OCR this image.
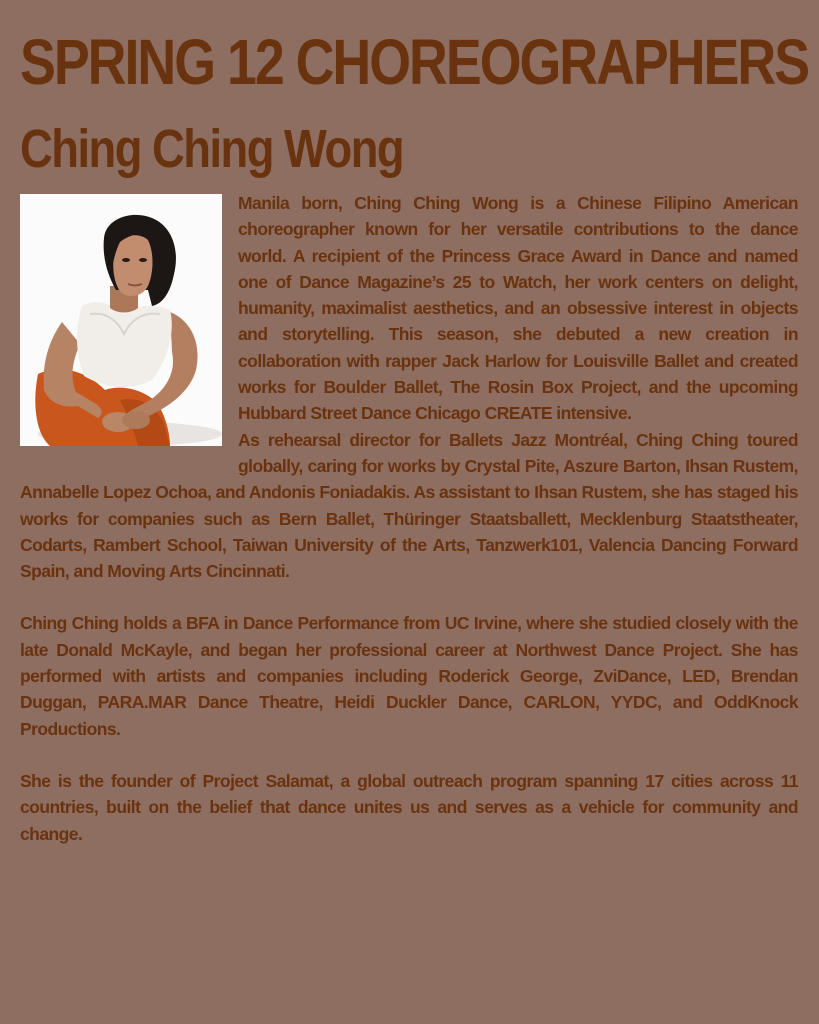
SPRING 12 CHOREOGRAPHERS
Ching Ching Wong

Manila born, Ching Ching Wong is a Chinese Filipino American choreographer known for her versatile contributions to the dance world. A recipient of the Princess Grace Award in Dance and named one of Dance Magazine’s 25 to Watch, her work centers on delight, humanity, maximalist aesthetics, and an obsessive interest in objects and storytelling. This season, she debuted a new creation in collaboration with rapper Jack Harlow for Louisville Ballet and created works for Boulder Ballet, The Rosin Box Project, and the upcoming Hubbard Street Dance Chicago CREATE intensive.

As rehearsal director for Ballets Jazz Montréal, Ching Ching toured globally, caring for works by Crystal Pite, Aszure Barton, Ihsan Rustem, Annabelle Lopez Ochoa, and Andonis Foniadakis. As assistant to Ihsan Rustem, she has staged his works for companies such as Bern Ballet, Thüringer Staatsballett, Mecklenburg Staatstheater, Codarts, Rambert School, Taiwan University of the Arts, Tanzwerk101, Valencia Dancing Forward Spain, and Moving Arts Cincinnati.

Ching Ching holds a BFA in Dance Performance from UC Irvine, where she studied closely with the late Donald McKayle, and began her professional career at Northwest Dance Project. She has performed with artists and companies including Roderick George, ZviDance, LED, Brendan Duggan, PARA.MAR Dance Theatre, Heidi Duckler Dance, CARLON, YYDC, and OddKnock Productions.

She is the founder of Project Salamat, a global outreach program spanning 17 cities across 11 countries, built on the belief that dance unites us and serves as a vehicle for community and change.
